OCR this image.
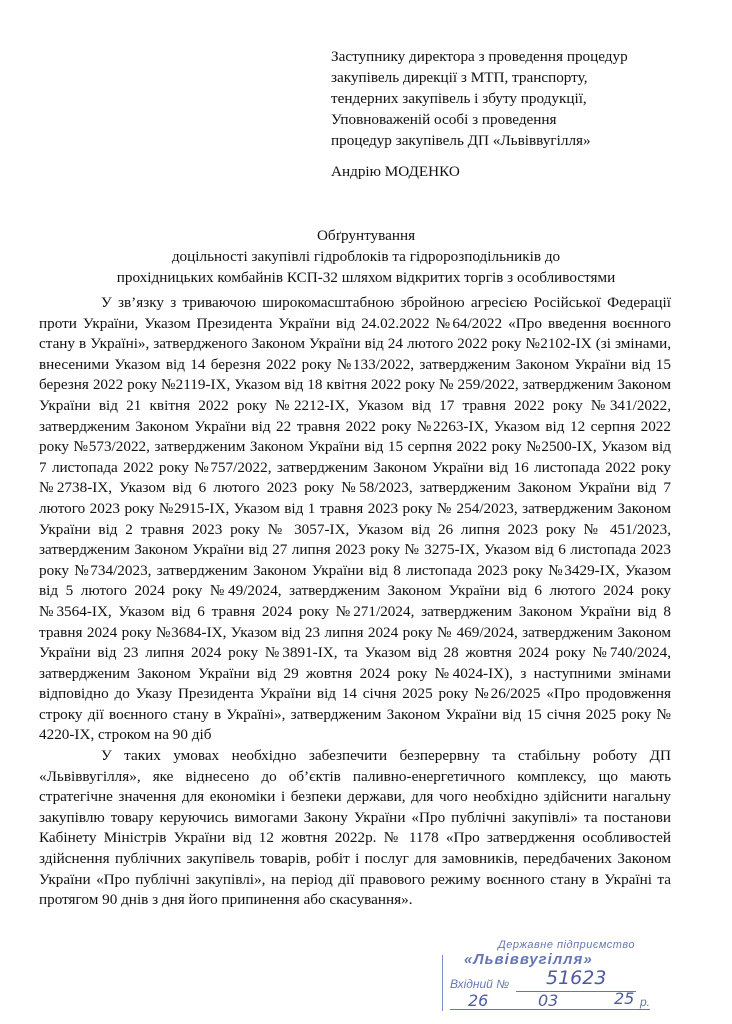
Заступнику директора з проведення процедур
закупівель дирекції з МТП, транспорту,
тендерних закупівель і збуту продукції,
Уповноваженій особі з проведення
процедур закупівель ДП «Львіввугілля»
Андрію МОДЕНКО
Обґрунтування
доцільності закупівлі гідроблоків та гідророзподільників до
прохідницьких комбайнів КСП-32 шляхом відкритих торгів з особливостями

У зв’язку з триваючою широкомасштабною збройною агресією Російської Федерації проти України, Указом Президента України від 24.02.2022 №64/2022 «Про введення воєнного стану в Україні», затвердженого Законом України від 24 лютого 2022 року №2102-IX (зі змінами, внесеними Указом від 14 березня 2022 року №133/2022, затвердженим Законом України від 15 березня 2022 року №2119-IX, Указом від 18 квітня 2022 року № 259/2022, затвердженим Законом України від 21 квітня 2022 року №2212-IX, Указом від 17 травня 2022 року №341/2022, затвердженим Законом України від 22 травня 2022 року №2263-IX, Указом від 12 серпня 2022 року №573/2022, затвердженим Законом України від 15 серпня 2022 року №2500-IX, Указом від 7 листопада 2022 року №757/2022, затвердженим Законом України від 16 листопада 2022 року №2738-IX, Указом від 6 лютого 2023 року №58/2023, затвердженим Законом України від 7 лютого 2023 року №2915-IX, Указом від 1 травня 2023 року № 254/2023, затвердженим Законом України від 2 травня 2023 року № 3057-IX, Указом від 26 липня 2023 року № 451/2023, затвердженим Законом України від 27 липня 2023 року № 3275-IX, Указом від 6 листопада 2023 року №734/2023, затвердженим Законом України від 8 листопада 2023 року №3429-IX, Указом від 5 лютого 2024 року №49/2024, затвердженим Законом України від 6 лютого 2024 року №3564-IX, Указом від 6 травня 2024 року №271/2024, затвердженим Законом України від 8 травня 2024 року №3684-IX, Указом від 23 липня 2024 року № 469/2024, затвердженим Законом України від 23 липня 2024 року №3891-IX, та Указом від 28 жовтня 2024 року №740/2024, затвердженим Законом України від 29 жовтня 2024 року №4024-IX), з наступними змінами відповідно до Указу Президента України від 14 січня 2025 року №26/2025 «Про продовження строку дії воєнного стану в Україні», затвердженим Законом України від 15 січня 2025 року № 4220-IX, строком на 90 діб

У таких умовах необхідно забезпечити безперервну та стабільну роботу ДП «Львіввугілля», яке віднесено до об’єктів паливно-енергетичного комплексу, що мають стратегічне значення для економіки і безпеки держави, для чого необхідно здійснити нагальну закупівлю товару керуючись вимогами Закону України «Про публічні закупівлі» та постанови Кабінету Міністрів України від 12 жовтня 2022р. № 1178 «Про затвердження особливостей здійснення публічних закупівель товарів, робіт і послуг для замовників, передбачених Законом України «Про публічні закупівлі», на період дії правового режиму воєнного стану в Україні та протягом 90 днів з дня його припинення або скасування».

Державне підприємство
«Львіввугілля»
Вхідний № 51623
26	03	25 р.
